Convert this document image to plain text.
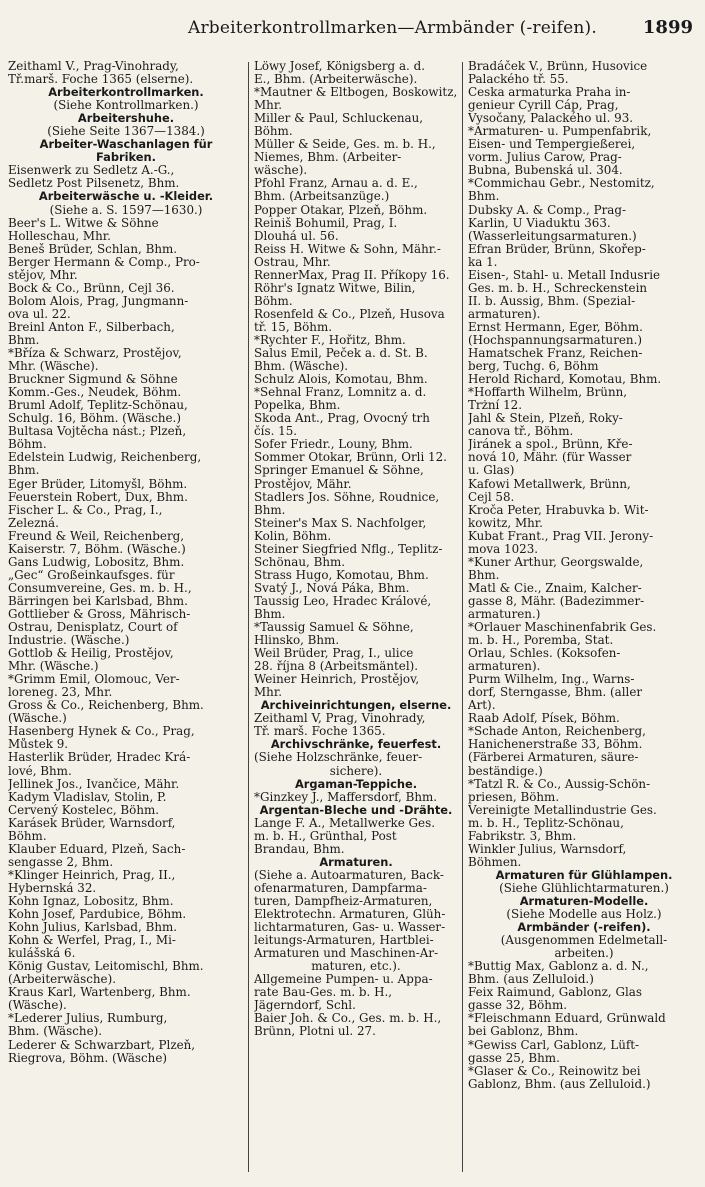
Arbeiterkontrollmarken—Armbänder (-reifen).	1899
Zeithaml V., Prag-Vinohrady,
Tř.marš. Foche 1365 (elserne).
Arbeiterkontrollmarken.
(Siehe Kontrollmarken.)
Arbeitershuhe.
(Siehe Seite 1367—1384.)
Arbeiter-Waschanlagen für
Fabriken.
Eisenwerk zu Sedletz A.-G.,
Sedletz Post Pilsenetz, Bhm.
Arbeiterwäsche u. -Kleider.
(Siehe a. S. 1597—1630.)
Beer's L. Witwe & Söhne
Holleschau, Mhr.
Beneš Brüder, Schlan, Bhm.
Berger Hermann & Comp., Pro-
stějov, Mhr.
Bock & Co., Brünn, Cejl 36.
Bolom Alois, Prag, Jungmann-
ova ul. 22.
Breinl Anton F., Silberbach,
Bhm.
*Bříza & Schwarz, Prostějov,
Mhr. (Wäsche).
Bruckner Sigmund & Söhne
Komm.-Ges., Neudek, Böhm.
Bruml Adolf, Teplitz-Schönau,
Schulg. 16, Böhm. (Wäsche.)
Bultasa Vojtěcha nást.; Plzeň,
Böhm.
Edelstein Ludwig, Reichenberg,
Bhm.
Eger Brüder, Litomyšl, Böhm.
Feuerstein Robert, Dux, Bhm.
Fischer L. & Co., Prag, I.,
Železná.
Freund & Weil, Reichenberg,
Kaiserstr. 7, Böhm. (Wäsche.)
Gans Ludwig, Lobositz, Bhm.
„Gec“ Großeinkaufsges. für
Consumvereine, Ges. m. b. H.,
Bärringen bei Karlsbad, Bhm.
Gottlieber & Gross, Mährisch-
Ostrau, Denisplatz, Court of
Industrie. (Wäsche.)
Gottlob & Heilig, Prostějov,
Mhr. (Wäsche.)
*Grimm Emil, Olomouc, Ver-
loreneg. 23, Mhr.
Gross & Co., Reichenberg, Bhm.
(Wäsche.)
Hasenberg Hynek & Co., Prag,
Můstek 9.
Hasterlik Brüder, Hradec Krá-
lové, Bhm.
Jellinek Jos., Ivančice, Mähr.
Kadym Vladislav, Stolin, P.
Červený Kostelec, Böhm.
Karásek Brüder, Warnsdorf,
Böhm.
Klauber Eduard, Plzeň, Sach-
sengasse 2, Bhm.
*Klinger Heinrich, Prag, II.,
Hybernská 32.
Kohn Ignaz, Lobositz, Bhm.
Kohn Josef, Pardubice, Böhm.
Kohn Julius, Karlsbad, Bhm.
Kohn & Werfel, Prag, I., Mi-
kulášská 6.
König Gustav, Leitomischl, Bhm.
(Arbeiterwäsche).
Kraus Karl, Wartenberg, Bhm.
(Wäsche).
*Lederer Julius, Rumburg,
Bhm. (Wäsche).
Lederer & Schwarzbart, Plzeň,
Riegrova, Böhm. (Wäsche)
Löwy Josef, Königsberg a. d.
E., Bhm. (Arbeiterwäsche).
*Mautner & Eltbogen, Boskowitz,
Mhr.
Miller & Paul, Schluckenau,
Böhm.
Müller & Seide, Ges. m. b. H.,
Niemes, Bhm. (Arbeiter-
wäsche).
Pfohl Franz, Arnau a. d. E.,
Bhm. (Arbeitsanzüge.)
Popper Otakar, Plzeň, Böhm.
Reiniš Bohumil, Prag, I.
Dlouhá ul. 56.
Reiss H. Witwe & Sohn, Mähr.-
Ostrau, Mhr.
RennerMax, Prag II. Příkopy 16.
Röhr's Ignatz Witwe, Bilin,
Böhm.
Rosenfeld & Co., Plzeň, Husova
tř. 15, Böhm.
*Rychter F., Hořitz, Bhm.
Salus Emil, Peček a. d. St. B.
Bhm. (Wäsche).
Schulz Alois, Komotau, Bhm.
*Sehnal Franz, Lomnitz a. d.
Popelka, Bhm.
Škoda Ant., Prag, Ovocný trh
čís. 15.
Sofer Friedr., Louny, Bhm.
Sommer Otokar, Brünn, Orli 12.
Springer Emanuel & Söhne,
Prostějov, Mähr.
Stadlers Jos. Söhne, Roudnice,
Bhm.
Steiner's Max S. Nachfolger,
Kolin, Böhm.
Steiner Siegfried Nflg., Teplitz-
Schönau, Bhm.
Strass Hugo, Komotau, Bhm.
Svatý J., Nová Páka, Bhm.
Taussig Leo, Hradec Králové,
Bhm.
*Taussig Samuel & Söhne,
Hlinsko, Bhm.
Weil Brüder, Prag, I., ulice
28. října 8 (Arbeitsmäntel).
Weiner Heinrich, Prostějov,
Mhr.
Archiveinrichtungen, elserne.
Zeithaml V, Prag, Vinohrady,
Tř. marš. Foche 1365.
Archivschränke, feuerfest.
(Siehe Holzschränke, feuer-
sichere).
Argaman-Teppiche.
*Ginzkey J., Maffersdorf, Bhm.
Argentan-Bleche und -Drähte.
Lange F. A., Metallwerke Ges.
m. b. H., Grünthal, Post
Brandau, Bhm.
Armaturen.
(Siehe a. Autoarmaturen, Back-
ofenarmaturen, Dampfarma-
turen, Dampfheiz-Armaturen,
Elektrotechn. Armaturen, Glüh-
lichtarmaturen, Gas- u. Wasser-
leitungs-Armaturen, Hartblei-
Armaturen und Maschinen-Ar-
maturen, etc.).
Allgemeine Pumpen- u. Appa-
rate Bau-Ges. m. b. H.,
Jägerndorf, Schl.
Baier Joh. & Co., Ges. m. b. H.,
Brünn, Plotni ul. 27.
Bradáček V., Brünn, Husovice
Palackého tř. 55.
Česka armaturka Praha in-
genieur Cyrill Čáp, Prag,
Vysočany, Palackého ul. 93.
*Armaturen- u. Pumpenfabrik,
Eisen- und Tempergießerei,
vorm. Julius Carow, Prag-
Bubna, Bubenská ul. 304.
*Commichau Gebr., Nestomitz,
Bhm.
Dubsky A. & Comp., Prag-
Karlin, U Viaduktu 363.
(Wasserleitungsarmaturen.)
Efran Brüder, Brünn, Skořep-
ka 1.
Eisen-, Stahl- u. Metall Indusrie
Ges. m. b. H., Schreckenstein
II. b. Aussig, Bhm. (Spezial-
armaturen).
Ernst Hermann, Eger, Böhm.
(Hochspannungsarmaturen.)
Hamatschek Franz, Reichen-
berg, Tuchg. 6, Böhm
Herold Richard, Komotau, Bhm.
*Hoffarth Wilhelm, Brünn,
Trżní 12.
Jahl & Stein, Plzeň, Roky-
canova tř., Böhm.
Jiránek a spol., Brünn, Kře-
nová 10, Mähr. (für Wasser
u. Glas)
Kafowi Metallwerk, Brünn,
Cejl 58.
Kroča Peter, Hrabuvka b. Wit-
kowitz, Mhr.
Kubat Frant., Prag VII. Jerony-
mova 1023.
*Kuner Arthur, Georgswalde,
Bhm.
Matl & Cie., Znaim, Kalcher-
gasse 8, Mähr. (Badezimmer-
armaturen.)
*Orlauer Maschinenfabrik Ges.
m. b. H., Poremba, Stat.
Orlau, Schles. (Koksofen-
armaturen).
Purm Wilhelm, Ing., Warns-
dorf, Sterngasse, Bhm. (aller
Art).
Raab Adolf, Písek, Böhm.
*Schade Anton, Reichenberg,
Hanichenerstraße 33, Böhm.
(Färberei Armaturen, säure-
beständige.)
*Tatzl R. & Co., Aussig-Schön-
priesen, Böhm.
Vereinigte Metallindustrie Ges.
m. b. H., Teplitz-Schönau,
Fabrikstr. 3, Bhm.
Winkler Julius, Warnsdorf,
Böhmen.
Armaturen für Glühlampen.
(Siehe Glühlichtarmaturen.)
Armaturen-Modelle.
(Siehe Modelle aus Holz.)
Armbänder (-reifen).
(Ausgenommen Edelmetall-
arbeiten.)
*Buttig Max, Gablonz a. d. N.,
Bhm. (aus Zelluloid.)
Feix Raimund, Gablonz, Glas
gasse 32, Böhm.
*Fleischmann Eduard, Grünwald
bei Gablonz, Bhm.
*Gewiss Carl, Gablonz, Lüft-
gasse 25, Bhm.
*Glaser & Co., Reinowitz bei
Gablonz, Bhm. (aus Zelluloid.)
